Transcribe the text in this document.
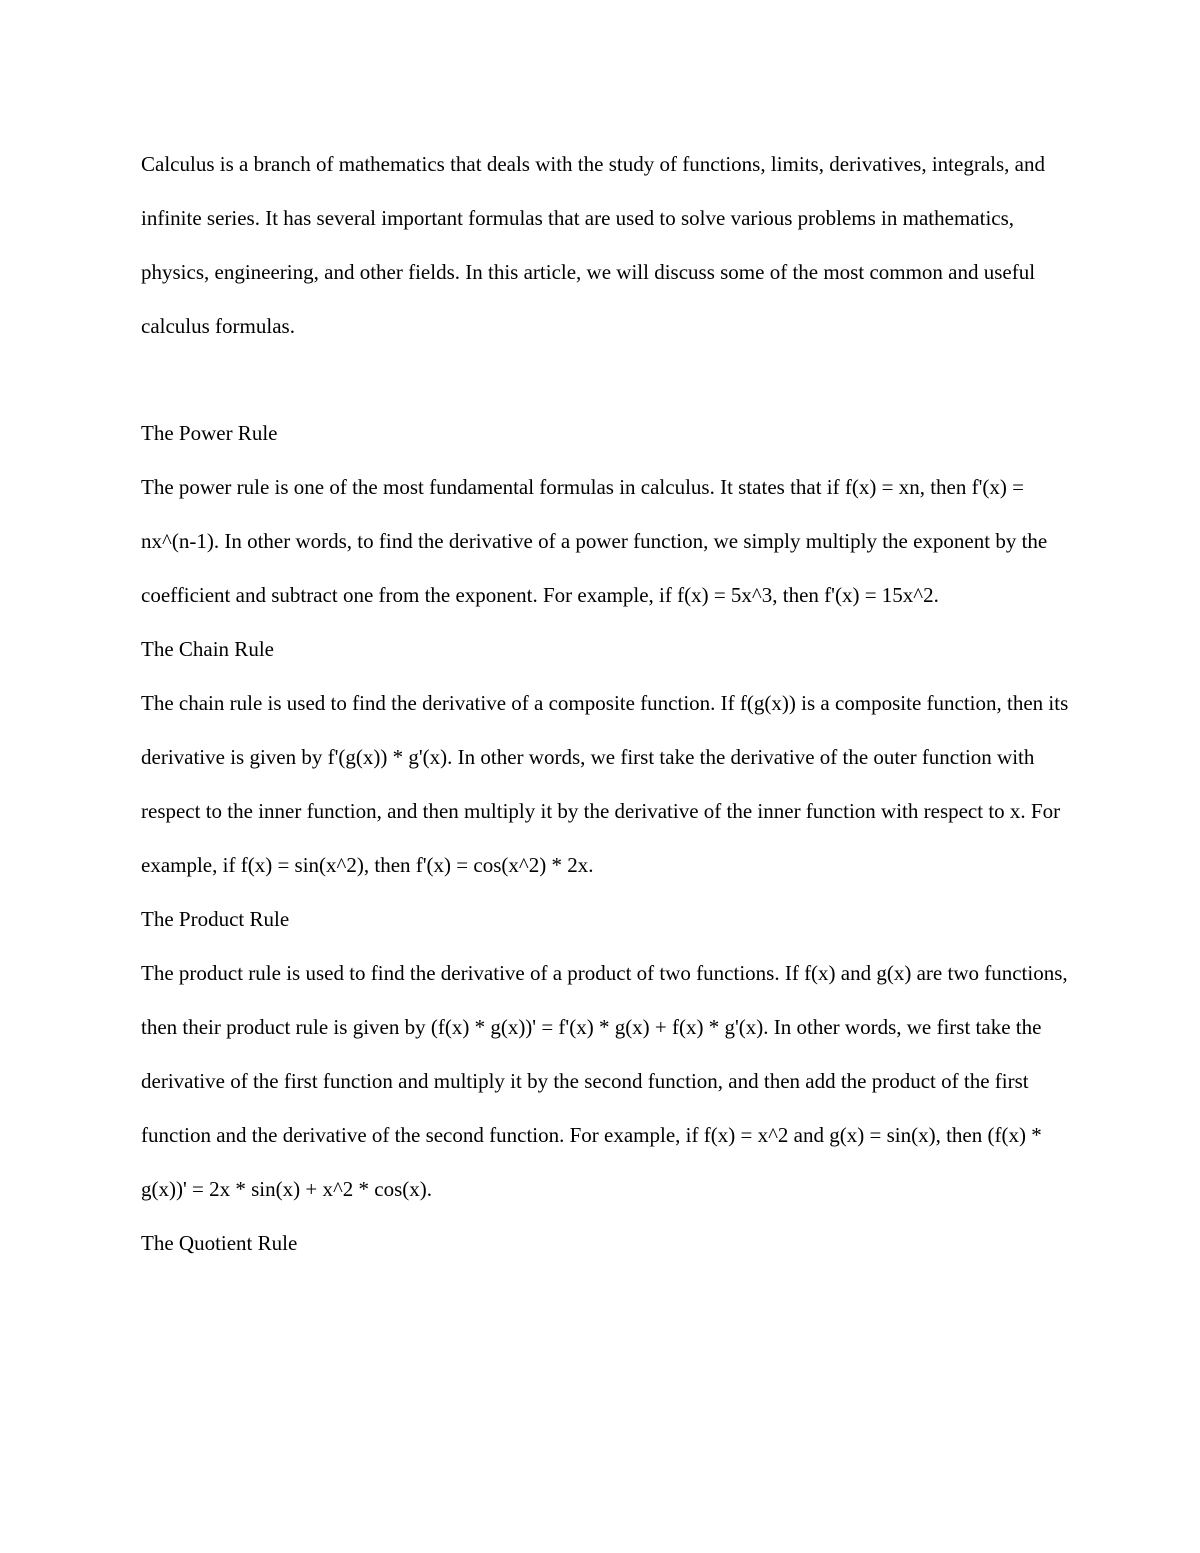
Calculus is a branch of mathematics that deals with the study of functions, limits, derivatives, integrals, and infinite series. It has several important formulas that are used to solve various problems in mathematics, physics, engineering, and other fields. In this article, we will discuss some of the most common and useful calculus formulas.

The Power Rule

The power rule is one of the most fundamental formulas in calculus. It states that if f(x) = xn, then f'(x) = nx^(n-1). In other words, to find the derivative of a power function, we simply multiply the exponent by the coefficient and subtract one from the exponent. For example, if f(x) = 5x^3, then f'(x) = 15x^2.

The Chain Rule

The chain rule is used to find the derivative of a composite function. If f(g(x)) is a composite function, then its derivative is given by f'(g(x)) * g'(x). In other words, we first take the derivative of the outer function with respect to the inner function, and then multiply it by the derivative of the inner function with respect to x. For example, if f(x) = sin(x^2), then f'(x) = cos(x^2) * 2x.

The Product Rule

The product rule is used to find the derivative of a product of two functions. If f(x) and g(x) are two functions, then their product rule is given by (f(x) * g(x))' = f'(x) * g(x) + f(x) * g'(x). In other words, we first take the derivative of the first function and multiply it by the second function, and then add the product of the first function and the derivative of the second function. For example, if f(x) = x^2 and g(x) = sin(x), then (f(x) * g(x))' = 2x * sin(x) + x^2 * cos(x).

The Quotient Rule
